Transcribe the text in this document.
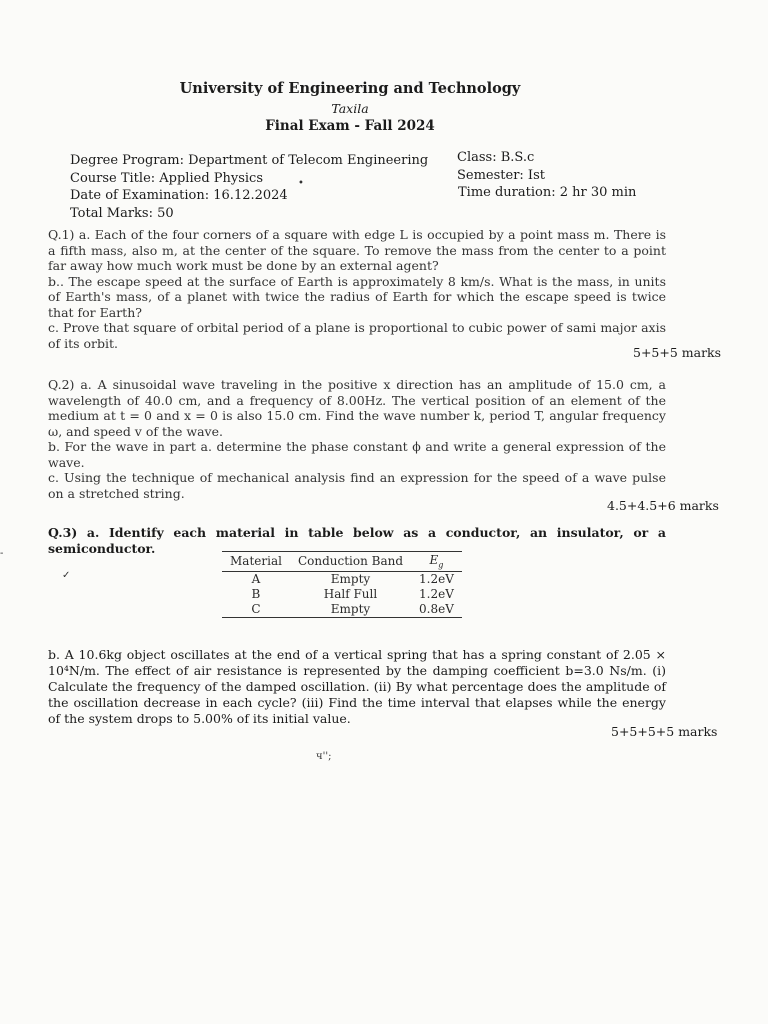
University of Engineering and Technology
Taxila
Final Exam - Fall 2024
Degree Program: Department of Telecom Engineering
Course Title: Applied Physics
Date of Examination: 16.12.2024
Total Marks: 50
Class: B.S.c
Semester: Ist
Time duration: 2 hr 30 min
•

Q.1) a. Each of the four corners of a square with edge L is occupied by a point mass m. There is a fifth mass, also m, at the center of the square. To remove the mass from the center to a point far away how much work must be done by an external agent?

b.. The escape speed at the surface of Earth is approximately 8 km/s. What is the mass, in units of Earth's mass, of a planet with twice the radius of Earth for which the escape speed is twice that for Earth?

c. Prove that square of orbital period of a plane is proportional to cubic power of sami major axis of its orbit.

5+5+5 marks

Q.2) a. A sinusoidal wave traveling in the positive x direction has an amplitude of 15.0 cm, a wavelength of 40.0 cm, and a frequency of 8.00Hz. The vertical position of an element of the medium at t = 0 and x = 0 is also 15.0 cm. Find the wave number k, period T, angular frequency ω, and speed v of the wave.

b. For the wave in part a. determine the phase constant ϕ and write a general expression of the wave.

c. Using the technique of mechanical analysis find an expression for the speed of a wave pulse on a stretched string.

4.5+4.5+6 marks
Q.3) a. Identify each material in table below as a conductor, an insulator, or a semiconductor.
Material	Conduction Band	$E_g$
A	Empty	1.2eV
B	Half Full	1.2eV
C	Empty	0.8eV
✓
-
b. A 10.6kg object oscillates at the end of a vertical spring that has a spring constant of 2.05 × 10⁴N/m. The effect of air resistance is represented by the damping coefficient b=3.0 Ns/m. (i) Calculate the frequency of the damped oscillation. (ii) By what percentage does the amplitude of the oscillation decrease in each cycle? (iii) Find the time interval that elapses while the energy of the system drops to 5.00% of its initial value.
5+5+5+5 marks
ч'';
